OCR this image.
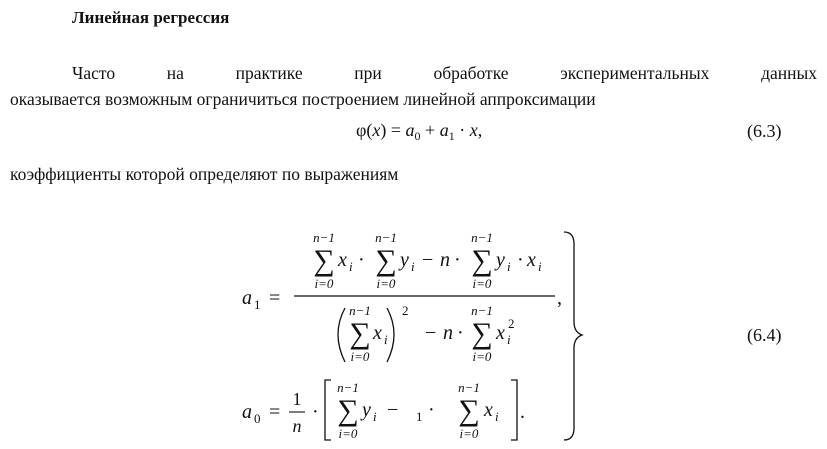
Линейная регрессия
Часто на практике при обработке экспериментальных данных
оказывается возможным ограничиться построением линейной аппроксимации
$\varphi(x) = a_0 + a_1 \cdot x$,	(6.3)
коэффициенты которой определяют по выражениям
a 1 =
n−1
∑
i=0
x i ·
n−1
∑
i=0
y i − n ·
n−1
∑
i=0
y i · x i
,
n−1
∑
i=0
x i
2
− n ·
n−1
∑
i=0
x i
2
a 0 =
1
n
·
n−1
∑
i=0
y i − 1 ·
n−1
∑
i=0
x i .
(6.4)
